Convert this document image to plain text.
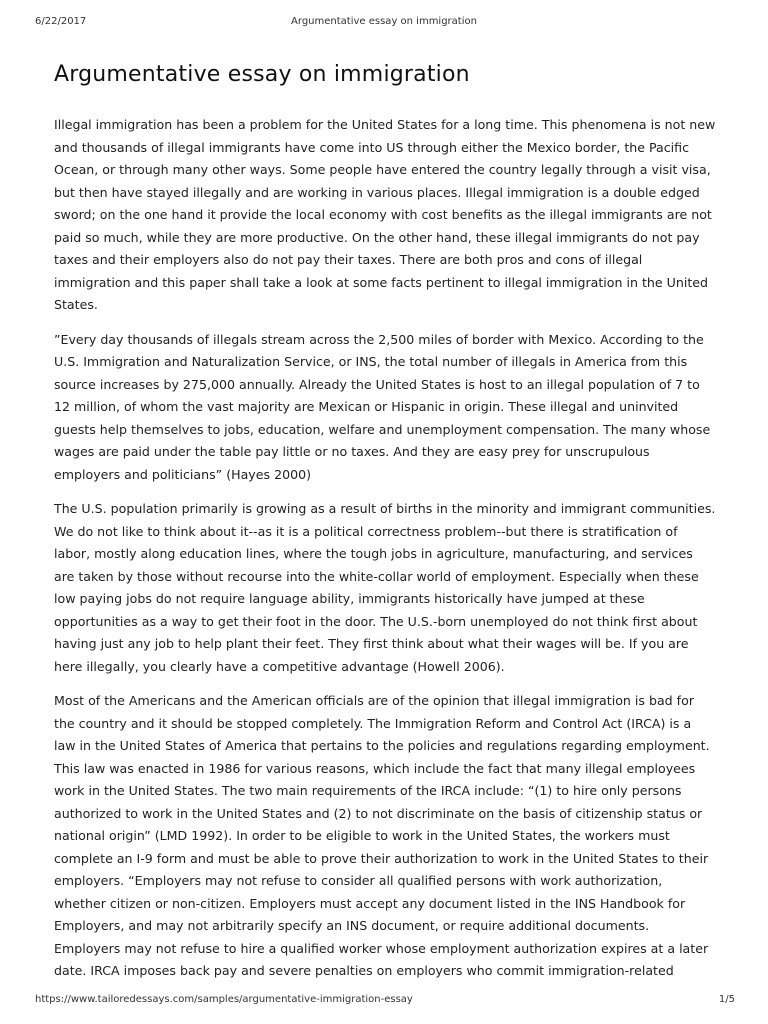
6/22/2017	Argumentative essay on immigration
Argumentative essay on immigration

Illegal immigration has been a problem for the United States for a long time. This phenomena is not new and thousands of illegal immigrants have come into US through either the Mexico border, the Pacific Ocean, or through many other ways. Some people have entered the country legally through a visit visa, but then have stayed illegally and are working in various places. Illegal immigration is a double edged sword; on the one hand it provide the local economy with cost benefits as the illegal immigrants are not paid so much, while they are more productive. On the other hand, these illegal immigrants do not pay taxes and their employers also do not pay their taxes. There are both pros and cons of illegal immigration and this paper shall take a look at some facts pertinent to illegal immigration in the United States.

”Every day thousands of illegals stream across the 2,500 miles of border with Mexico. According to the U.S. Immigration and Naturalization Service, or INS, the total number of illegals in America from this source increases by 275,000 annually. Already the United States is host to an illegal population of 7 to 12 million, of whom the vast majority are Mexican or Hispanic in origin. These illegal and uninvited guests help themselves to jobs, education, welfare and unemployment compensation. The many whose wages are paid under the table pay little or no taxes. And they are easy prey for unscrupulous employers and politicians” (Hayes 2000)

The U.S. population primarily is growing as a result of births in the minority and immigrant communities. We do not like to think about it--as it is a political correctness problem--but there is stratification of labor, mostly along education lines, where the tough jobs in agriculture, manufacturing, and services are taken by those without recourse into the white-collar world of employment. Especially when these low paying jobs do not require language ability, immigrants historically have jumped at these opportunities as a way to get their foot in the door. The U.S.-born unemployed do not think first about having just any job to help plant their feet. They first think about what their wages will be. If you are here illegally, you clearly have a competitive advantage (Howell 2006).

Most of the Americans and the American officials are of the opinion that illegal immigration is bad for the country and it should be stopped completely. The Immigration Reform and Control Act (IRCA) is a law in the United States of America that pertains to the policies and regulations regarding employment. This law was enacted in 1986 for various reasons, which include the fact that many illegal employees work in the United States. The two main requirements of the IRCA include: “(1) to hire only persons authorized to work in the United States and (2) to not discriminate on the basis of citizenship status or national origin” (LMD 1992). In order to be eligible to work in the United States, the workers must complete an I-9 form and must be able to prove their authorization to work in the United States to their employers. “Employers may not refuse to consider all qualified persons with work authorization, whether citizen or non-citizen. Employers must accept any document listed in the INS Handbook for Employers, and may not arbitrarily specify an INS document, or require additional documents. Employers may not refuse to hire a qualified worker whose employment authorization expires at a later date. IRCA imposes back pay and severe penalties on employers who commit immigration-related

https://www.tailoredessays.com/samples/argumentative-immigration-essay	1/5
